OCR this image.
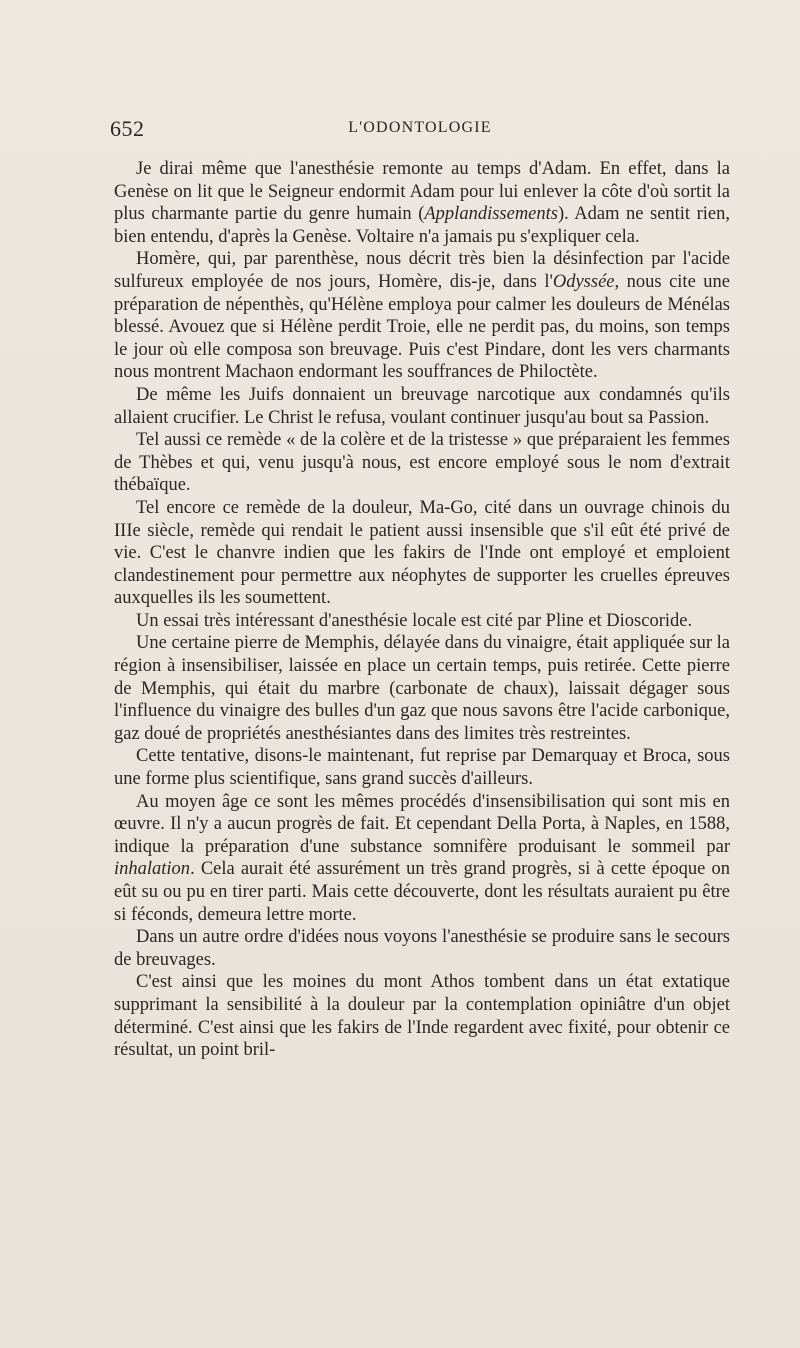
652	L'ODONTOLOGIE

Je dirai même que l'anesthésie remonte au temps d'Adam. En effet, dans la Genèse on lit que le Seigneur endormit Adam pour lui enlever la côte d'où sortit la plus charmante partie du genre humain (Applandissements). Adam ne sentit rien, bien entendu, d'après la Genèse. Voltaire n'a jamais pu s'expliquer cela.

Homère, qui, par parenthèse, nous décrit très bien la désinfection par l'acide sulfureux employée de nos jours, Homère, dis-je, dans l'Odyssée, nous cite une préparation de népenthès, qu'Hélène employa pour calmer les douleurs de Ménélas blessé. Avouez que si Hélène perdit Troie, elle ne perdit pas, du moins, son temps le jour où elle composa son breuvage. Puis c'est Pindare, dont les vers charmants nous montrent Machaon endormant les souffrances de Philoctète.

De même les Juifs donnaient un breuvage narcotique aux condamnés qu'ils allaient crucifier. Le Christ le refusa, voulant continuer jusqu'au bout sa Passion.

Tel aussi ce remède « de la colère et de la tristesse » que préparaient les femmes de Thèbes et qui, venu jusqu'à nous, est encore employé sous le nom d'extrait thébaïque.

Tel encore ce remède de la douleur, Ma-Go, cité dans un ouvrage chinois du IIIe siècle, remède qui rendait le patient aussi insensible que s'il eût été privé de vie. C'est le chanvre indien que les fakirs de l'Inde ont employé et emploient clandestinement pour permettre aux néophytes de supporter les cruelles épreuves auxquelles ils les soumettent.

Un essai très intéressant d'anesthésie locale est cité par Pline et Dioscoride.

Une certaine pierre de Memphis, délayée dans du vinaigre, était appliquée sur la région à insensibiliser, laissée en place un certain temps, puis retirée. Cette pierre de Memphis, qui était du marbre (carbonate de chaux), laissait dégager sous l'influence du vinaigre des bulles d'un gaz que nous savons être l'acide carbonique, gaz doué de propriétés anesthésiantes dans des limites très restreintes.

Cette tentative, disons-le maintenant, fut reprise par Demarquay et Broca, sous une forme plus scientifique, sans grand succès d'ailleurs.

Au moyen âge ce sont les mêmes procédés d'insensibilisation qui sont mis en œuvre. Il n'y a aucun progrès de fait. Et cependant Della Porta, à Naples, en 1588, indique la préparation d'une substance somnifère produisant le sommeil par inhalation. Cela aurait été assurément un très grand progrès, si à cette époque on eût su ou pu en tirer parti. Mais cette découverte, dont les résultats auraient pu être si féconds, demeura lettre morte.

Dans un autre ordre d'idées nous voyons l'anesthésie se produire sans le secours de breuvages.

C'est ainsi que les moines du mont Athos tombent dans un état extatique supprimant la sensibilité à la douleur par la contemplation opiniâtre d'un objet déterminé. C'est ainsi que les fakirs de l'Inde regardent avec fixité, pour obtenir ce résultat, un point bril-
